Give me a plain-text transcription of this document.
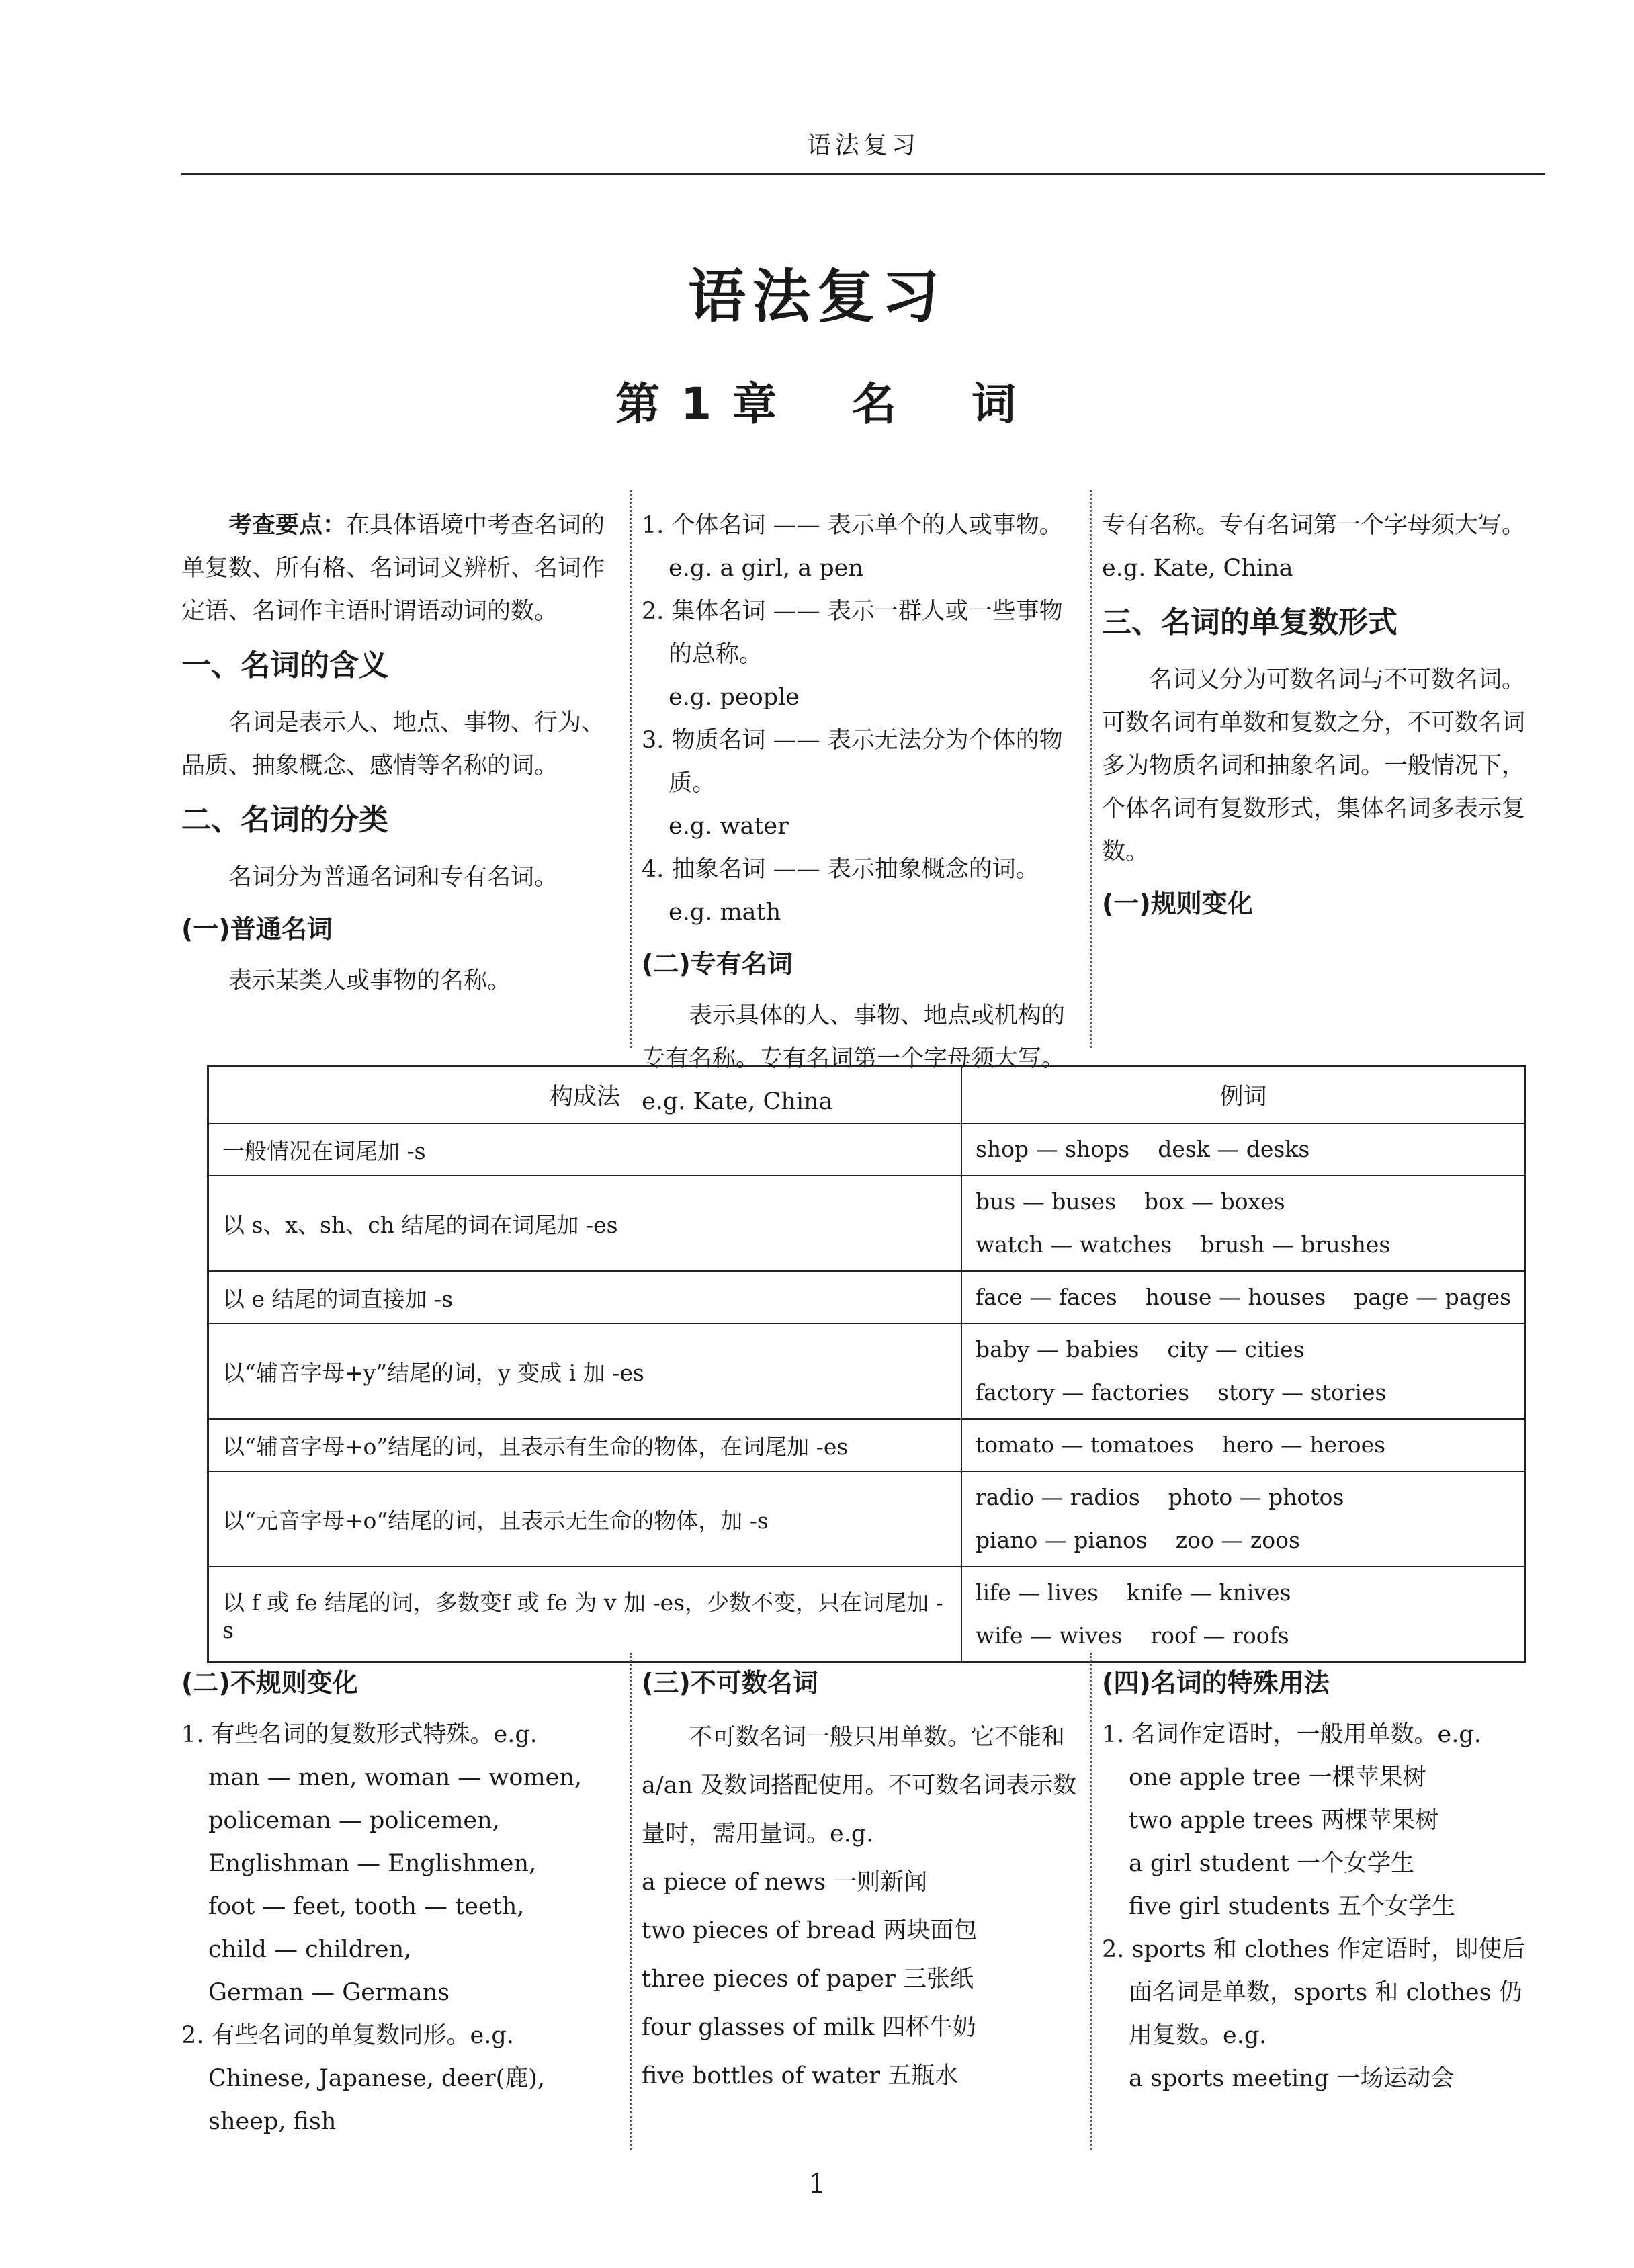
语法复习
语法复习
第 1 章    名    词

考查要点：在具体语境中考查名词的单复数、所有格、名词词义辨析、名词作定语、名词作主语时谓语动词的数。

一、名词的含义

名词是表示人、地点、事物、行为、品质、抽象概念、感情等名称的词。

二、名词的分类

名词分为普通名词和专有名词。

(一)普通名词

表示某类人或事物的名称。

1. 个体名词 —— 表示单个的人或事物。

e.g. a girl, a pen

2. 集体名词 —— 表示一群人或一些事物的总称。

e.g. people

3. 物质名词 —— 表示无法分为个体的物质。

e.g. water

4. 抽象名词 —— 表示抽象概念的词。

e.g. math

(二)专有名词

表示具体的人、事物、地点或机构的专有名称。专有名词第一个字母须大写。e.g. Kate, China

专有名称。专有名词第一个字母须大写。e.g. Kate, China

三、名词的单复数形式

名词又分为可数名词与不可数名词。可数名词有单数和复数之分，不可数名词多为物质名词和抽象名词。一般情况下，个体名词有复数形式，集体名词多表示复数。

(一)规则变化

构成法	例词
一般情况在词尾加 -s	shop — shops    desk — desks

以 s、x、sh、ch 结尾的词在词尾加 -es	bus — buses    box — boxes
watch — watches    brush — brushes

以 e 结尾的词直接加 -s	face — faces    house — houses    page — pages

以“辅音字母+y”结尾的词，y 变成 i 加 -es	baby — babies    city — cities
factory — factories    story — stories

以“辅音字母+o”结尾的词，且表示有生命的物体，在词尾加 -es	tomato — tomatoes    hero — heroes

以“元音字母+o“结尾的词，且表示无生命的物体，加 -s	radio — radios    photo — photos
piano — pianos    zoo — zoos

以 f 或 fe 结尾的词，多数变f 或 fe 为 v 加 -es，少数不变，只在词尾加 -s	life — lives    knife — knives
wife — wives    roof — roofs

(二)不规则变化

1. 有些名词的复数形式特殊。e.g.

man — men, woman — women,

policeman — policemen,

Englishman — Englishmen,

foot — feet, tooth — teeth,

child — children,

German — Germans

2. 有些名词的单复数同形。e.g.

Chinese, Japanese, deer(鹿), sheep, fish

(三)不可数名词

不可数名词一般只用单数。它不能和 a/an 及数词搭配使用。不可数名词表示数量时，需用量词。e.g.

a piece of news 一则新闻

two pieces of bread 两块面包

three pieces of paper 三张纸

four glasses of milk 四杯牛奶

five bottles of water 五瓶水

(四)名词的特殊用法

1. 名词作定语时，一般用单数。e.g.

one apple tree 一棵苹果树

two apple trees 两棵苹果树

a girl student 一个女学生

five girl students 五个女学生

2. sports 和 clothes 作定语时，即使后面名词是单数，sports 和 clothes 仍用复数。e.g.

a sports meeting 一场运动会

1
